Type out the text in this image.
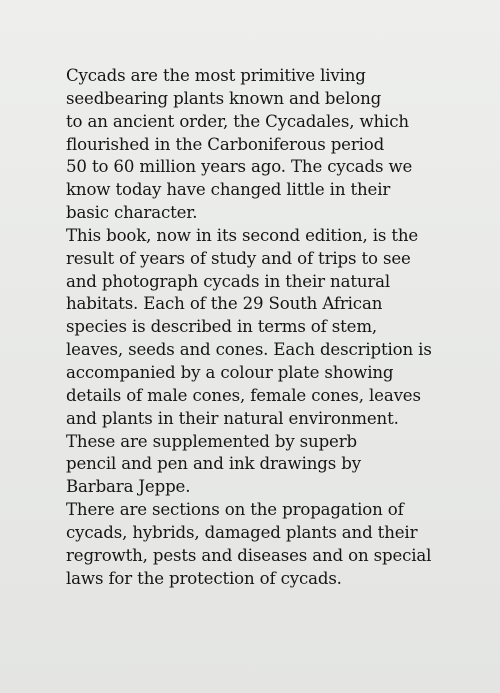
Cycads are the most primitive living
seedbearing plants known and belong
to an ancient order, the Cycadales, which
flourished in the Carboniferous period
50 to 60 million years ago. The cycads we
know today have changed little in their
basic character.
This book, now in its second edition, is the
result of years of study and of trips to see
and photograph cycads in their natural
habitats. Each of the 29 South African
species is described in terms of stem,
leaves, seeds and cones. Each description is
accompanied by a colour plate showing
details of male cones, female cones, leaves
and plants in their natural environment.
These are supplemented by superb
pencil and pen and ink drawings by
Barbara Jeppe.
There are sections on the propagation of
cycads, hybrids, damaged plants and their
regrowth, pests and diseases and on special
laws for the protection of cycads.
